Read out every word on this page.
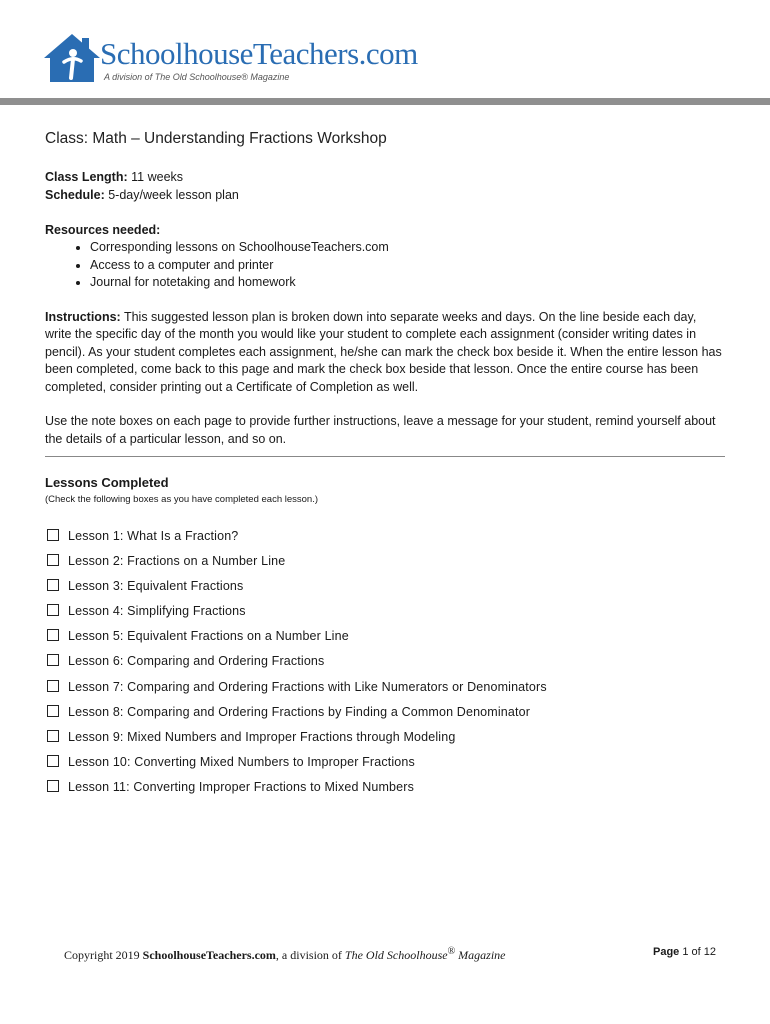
SchoolhouseTeachers.com
A division of The Old Schoolhouse® Magazine

Class: Math – Understanding Fractions Workshop

Class Length: 11 weeks

Schedule: 5-day/week lesson plan

Resources needed:
• Corresponding lessons on SchoolhouseTeachers.com
• Access to a computer and printer
• Journal for notetaking and homework

Instructions: This suggested lesson plan is broken down into separate weeks and days. On the line beside each day, write the specific day of the month you would like your student to complete each assignment (consider writing dates in pencil). As your student completes each assignment, he/she can mark the check box beside it. When the entire lesson has been completed, come back to this page and mark the check box beside that lesson. Once the entire course has been completed, consider printing out a Certificate of Completion as well.

Use the note boxes on each page to provide further instructions, leave a message for your student, remind yourself about the details of a particular lesson, and so on.

Lessons Completed

(Check the following boxes as you have completed each lesson.)

Lesson 1: What Is a Fraction?
Lesson 2: Fractions on a Number Line
Lesson 3: Equivalent Fractions
Lesson 4: Simplifying Fractions
Lesson 5: Equivalent Fractions on a Number Line
Lesson 6: Comparing and Ordering Fractions
Lesson 7: Comparing and Ordering Fractions with Like Numerators or Denominators
Lesson 8: Comparing and Ordering Fractions by Finding a Common Denominator
Lesson 9: Mixed Numbers and Improper Fractions through Modeling
Lesson 10: Converting Mixed Numbers to Improper Fractions
Lesson 11: Converting Improper Fractions to Mixed Numbers
Copyright 2019 SchoolhouseTeachers.com, a division of The Old Schoolhouse® Magazine	Page 1 of 12
